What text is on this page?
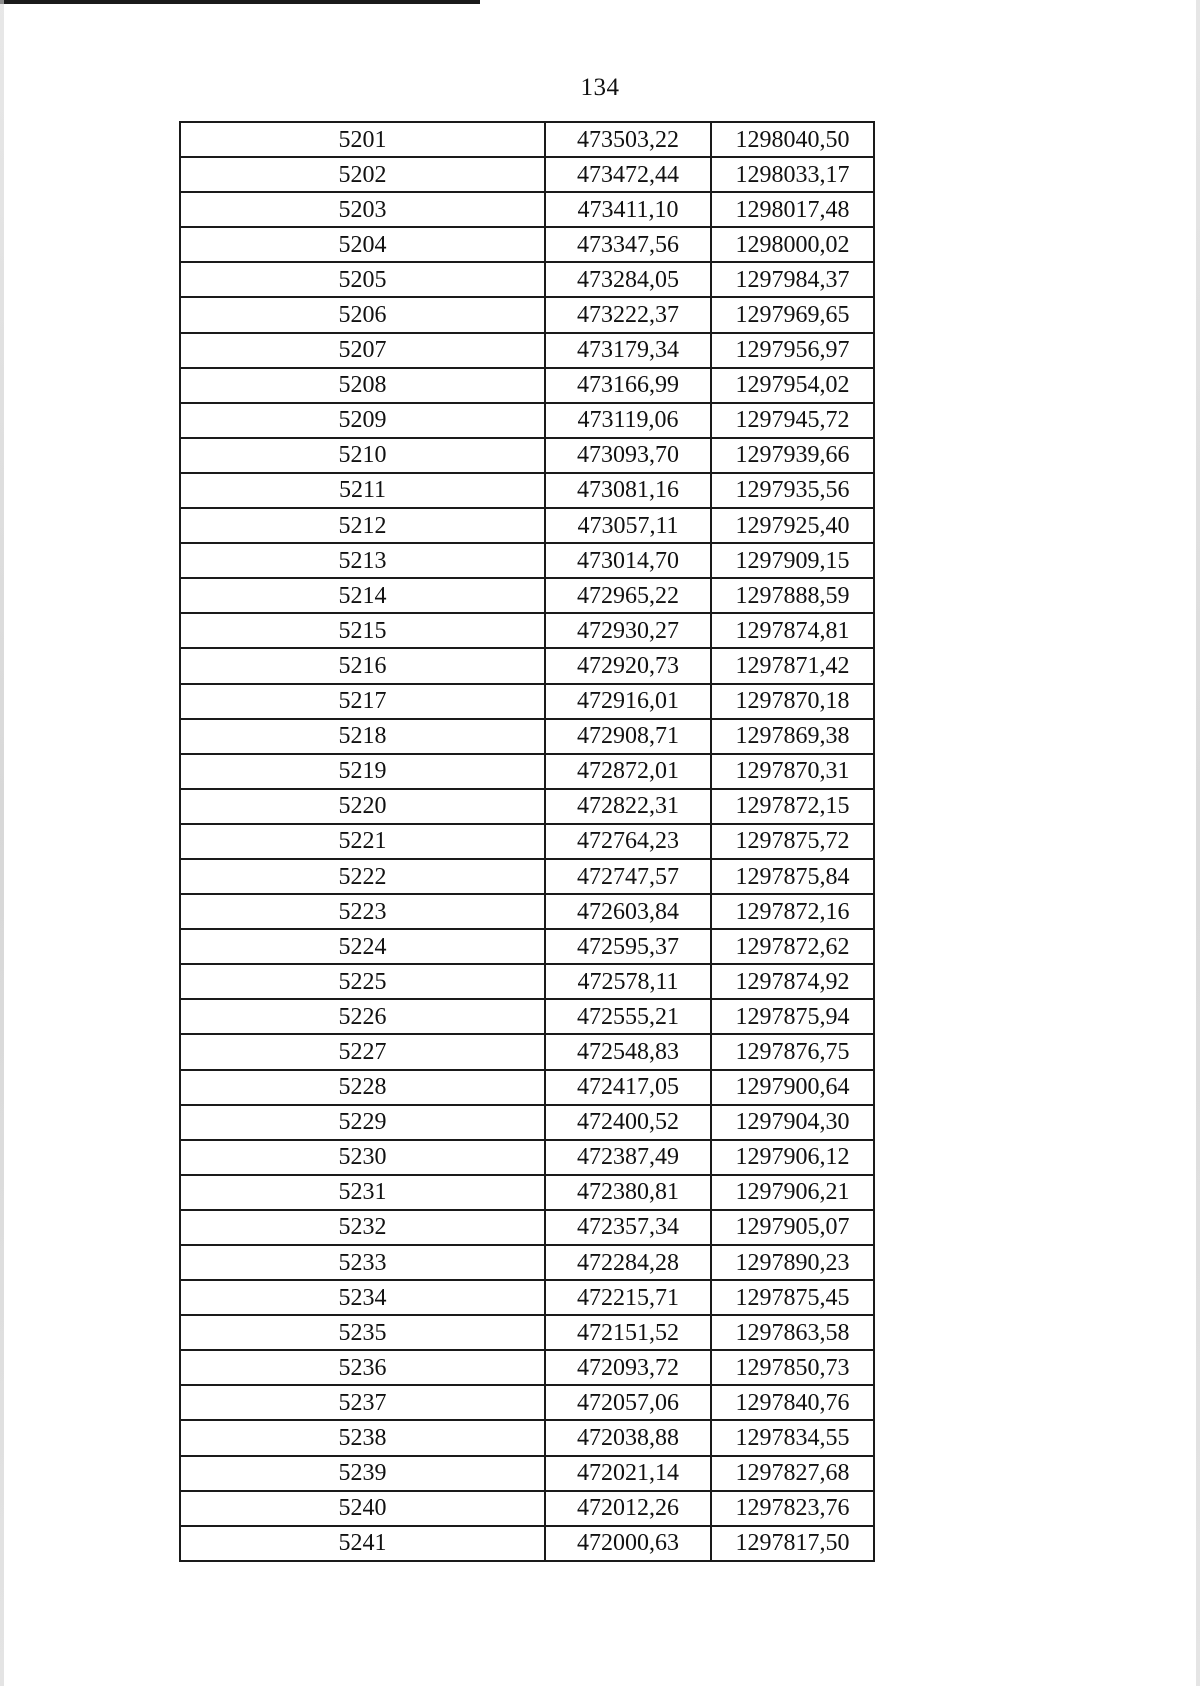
134
5201	473503,22	1298040,50
5202	473472,44	1298033,17
5203	473411,10	1298017,48
5204	473347,56	1298000,02
5205	473284,05	1297984,37
5206	473222,37	1297969,65
5207	473179,34	1297956,97
5208	473166,99	1297954,02
5209	473119,06	1297945,72
5210	473093,70	1297939,66
5211	473081,16	1297935,56
5212	473057,11	1297925,40
5213	473014,70	1297909,15
5214	472965,22	1297888,59
5215	472930,27	1297874,81
5216	472920,73	1297871,42
5217	472916,01	1297870,18
5218	472908,71	1297869,38
5219	472872,01	1297870,31
5220	472822,31	1297872,15
5221	472764,23	1297875,72
5222	472747,57	1297875,84
5223	472603,84	1297872,16
5224	472595,37	1297872,62
5225	472578,11	1297874,92
5226	472555,21	1297875,94
5227	472548,83	1297876,75
5228	472417,05	1297900,64
5229	472400,52	1297904,30
5230	472387,49	1297906,12
5231	472380,81	1297906,21
5232	472357,34	1297905,07
5233	472284,28	1297890,23
5234	472215,71	1297875,45
5235	472151,52	1297863,58
5236	472093,72	1297850,73
5237	472057,06	1297840,76
5238	472038,88	1297834,55
5239	472021,14	1297827,68
5240	472012,26	1297823,76
5241	472000,63	1297817,50
